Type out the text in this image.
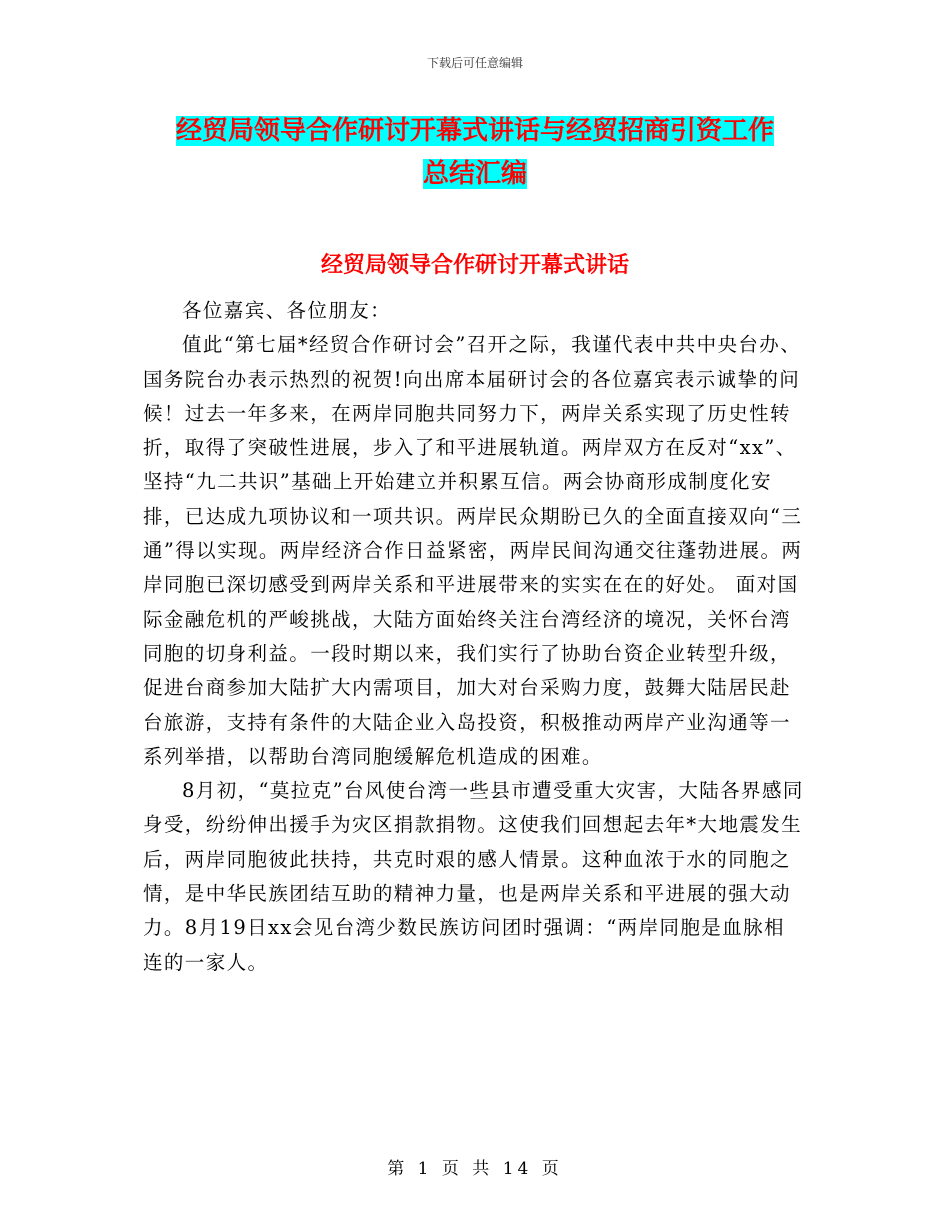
下载后可任意编辑
经贸局领导合作研讨开幕式讲话与经贸招商引资工作
总结汇编
经贸局领导合作研讨开幕式讲话

各位嘉宾、各位朋友：

值此“第七届*经贸合作研讨会”召开之际，我谨代表中共中央台办、国务院台办表示热烈的祝贺!向出席本届研讨会的各位嘉宾表示诚挚的问候！过去一年多来，在两岸同胞共同努力下，两岸关系实现了历史性转折，取得了突破性进展，步入了和平进展轨道。两岸双方在反对“xx”、坚持“九二共识”基础上开始建立并积累互信。两会协商形成制度化安排，已达成九项协议和一项共识。两岸民众期盼已久的全面直接双向“三通”得以实现。两岸经济合作日益紧密，两岸民间沟通交往蓬勃进展。两岸同胞已深切感受到两岸关系和平进展带来的实实在在的好处。 面对国际金融危机的严峻挑战，大陆方面始终关注台湾经济的境况，关怀台湾同胞的切身利益。一段时期以来，我们实行了协助台资企业转型升级，促进台商参加大陆扩大内需项目，加大对台采购力度，鼓舞大陆居民赴台旅游，支持有条件的大陆企业入岛投资，积极推动两岸产业沟通等一系列举措，以帮助台湾同胞缓解危机造成的困难。

8月初，“莫拉克”台风使台湾一些县市遭受重大灾害，大陆各界感同身受，纷纷伸出援手为灾区捐款捐物。这使我们回想起去年*大地震发生后，两岸同胞彼此扶持，共克时艰的感人情景。这种血浓于水的同胞之情，是中华民族团结互助的精神力量，也是两岸关系和平进展的强大动力。8月19日xx会见台湾少数民族访问团时强调：“两岸同胞是血脉相连的一家人。

第 1 页 共 14 页
